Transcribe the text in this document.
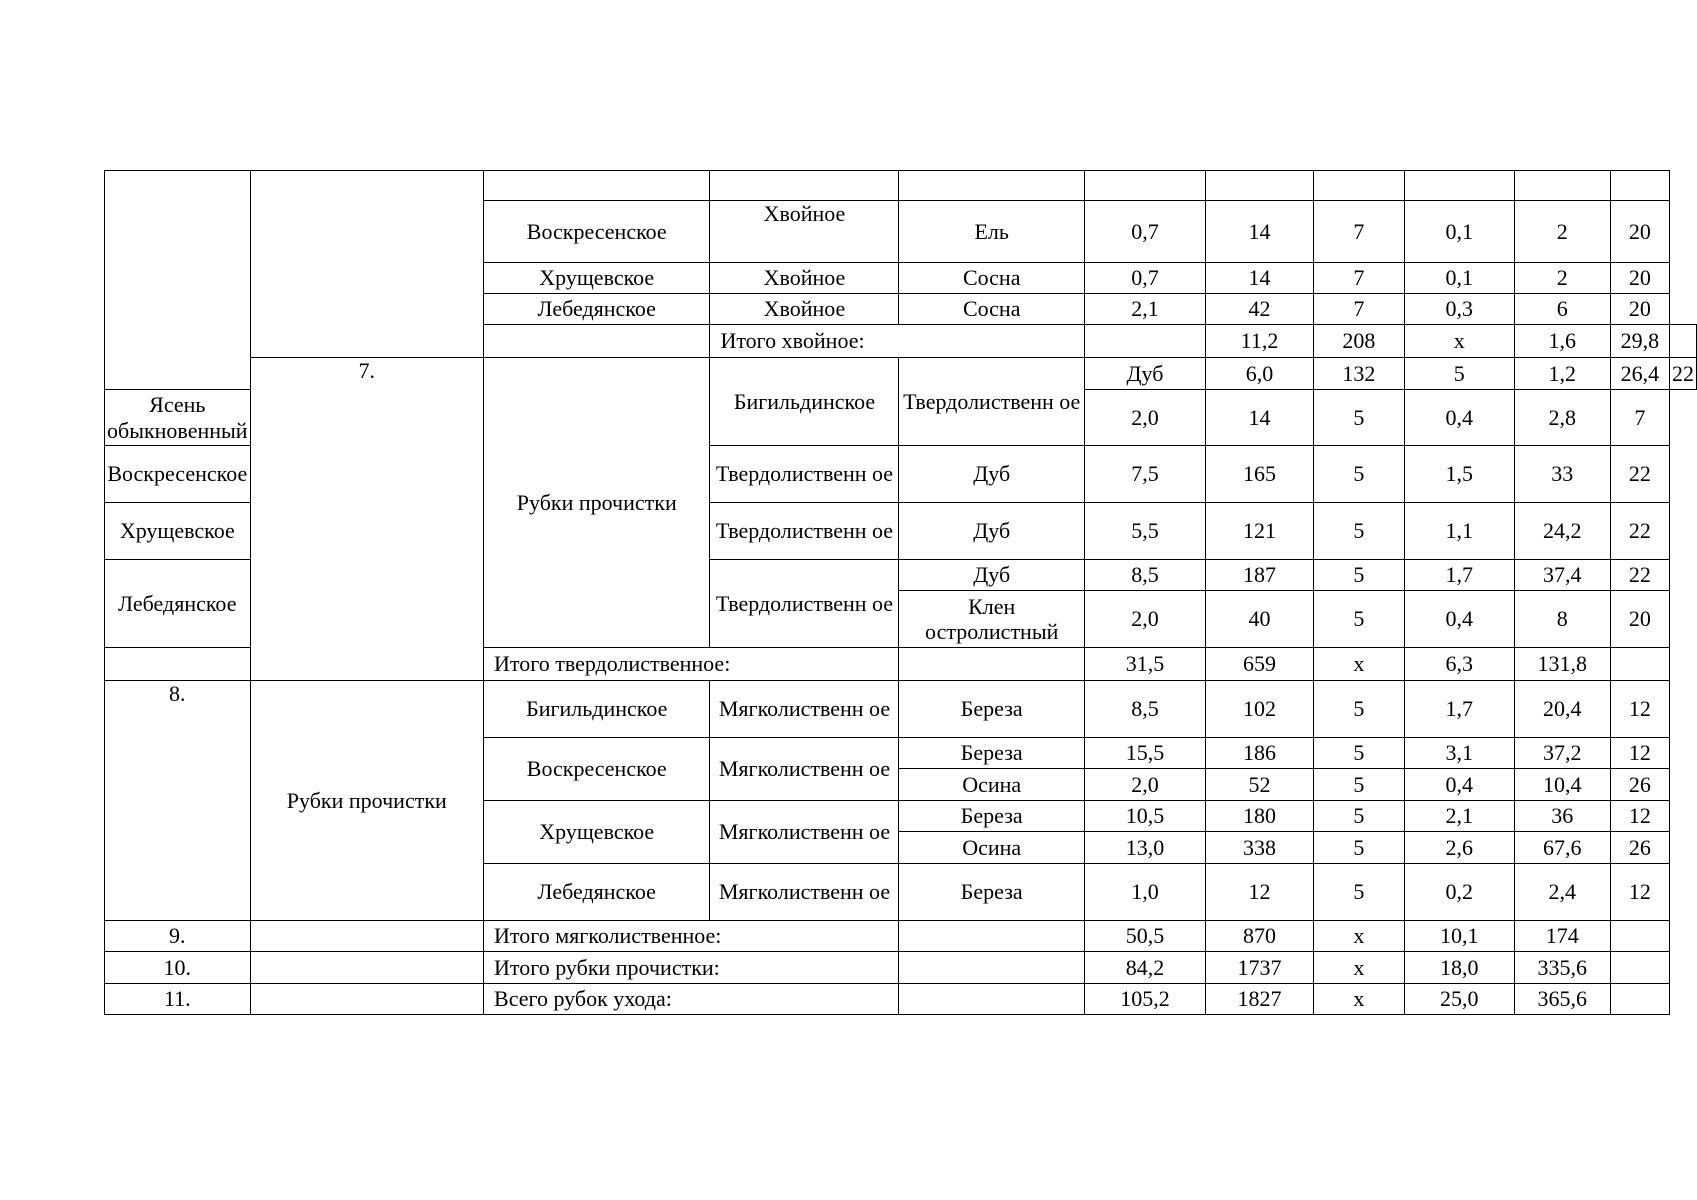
		Воскресенское	Хвойное	Ель	0,7	14	7	0,1	2	20	
		Хрущевское	Хвойное	Сосна	0,7	14	7	0,1	2	20	
		Лебедянское	Хвойное	Сосна	2,1	42	7	0,3	6	20	
			Итого хвойное:			11,2	208	х	1,6	29,8	
	7.	Рубки прочистки	Бигильдинское	Твердолиственн ое	Дуб	6,0	132	5	1,2	26,4	22
Ясень обыкновенный					2,0	14	5	0,4	2,8	7	
Воскресенское			Твердолиственн ое	Дуб	7,5	165	5	1,5	33	22	
Хрущевское			Твердолиственн ое	Дуб	5,5	121	5	1,1	24,2	22	
Лебедянское			Твердолиственн ое	Дуб	8,5	187	5	1,7	37,4	22	
				Клен остролистный	2,0	40	5	0,4	8	20	
		Итого твердолиственное:			31,5	659	х	6,3	131,8		
8.	Рубки прочистки	Бигильдинское	Мягколиственн ое	Береза	8,5	102	5	1,7	20,4	12	
		Воскресенское	Мягколиственн ое	Береза	15,5	186	5	3,1	37,2	12	
				Осина	2,0	52	5	0,4	10,4	26	
		Хрущевское	Мягколиственн ое	Береза	10,5	180	5	2,1	36	12	
				Осина	13,0	338	5	2,6	67,6	26	
		Лебедянское	Мягколиственн ое	Береза	1,0	12	5	0,2	2,4	12	
9.		Итого мягколиственное:			50,5	870	х	10,1	174		
10.		Итого рубки прочистки:			84,2	1737	х	18,0	335,6		
11.		Всего рубок ухода:			105,2	1827	х	25,0	365,6		
